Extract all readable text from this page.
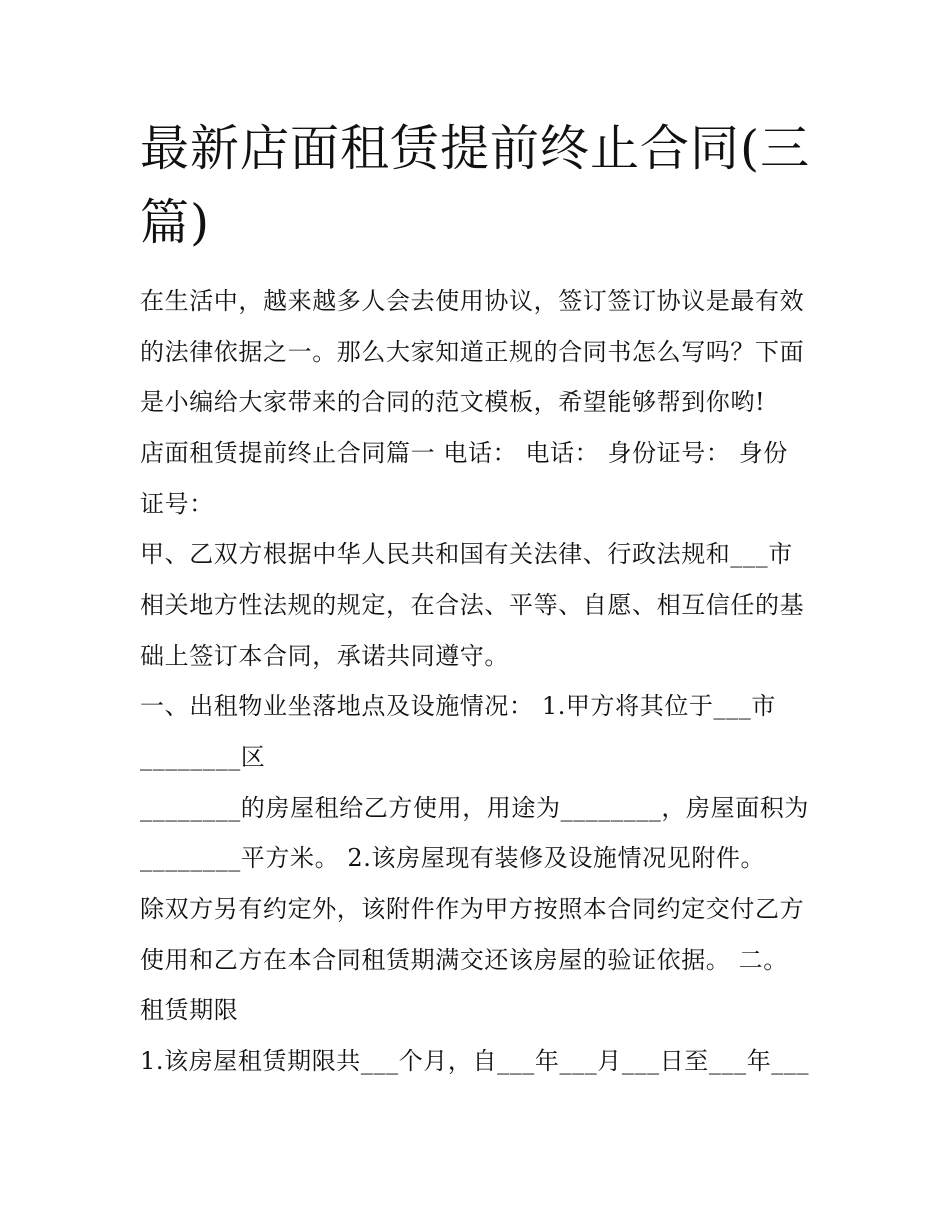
最新店面租赁提前终止合同(三篇)

在生活中，越来越多人会去使用协议，签订签订协议是最有效

的法律依据之一。那么大家知道正规的合同书怎么写吗？下面

是小编给大家带来的合同的范文模板，希望能够帮到你哟!

店面租赁提前终止合同篇一 电话： 电话： 身份证号： 身份

证号：

甲、乙双方根据中华人民共和国有关法律、行政法规和___市

相关地方性法规的规定，在合法、平等、自愿、相互信任的基

础上签订本合同，承诺共同遵守。

一、出租物业坐落地点及设施情况： 1.甲方将其位于___市

________区

________的房屋租给乙方使用，用途为________，房屋面积为

________平方米。 2.该房屋现有装修及设施情况见附件。

除双方另有约定外，该附件作为甲方按照本合同约定交付乙方

使用和乙方在本合同租赁期满交还该房屋的验证依据。 二。

租赁期限

1.该房屋租赁期限共___个月，自___年___月___日至___年___
